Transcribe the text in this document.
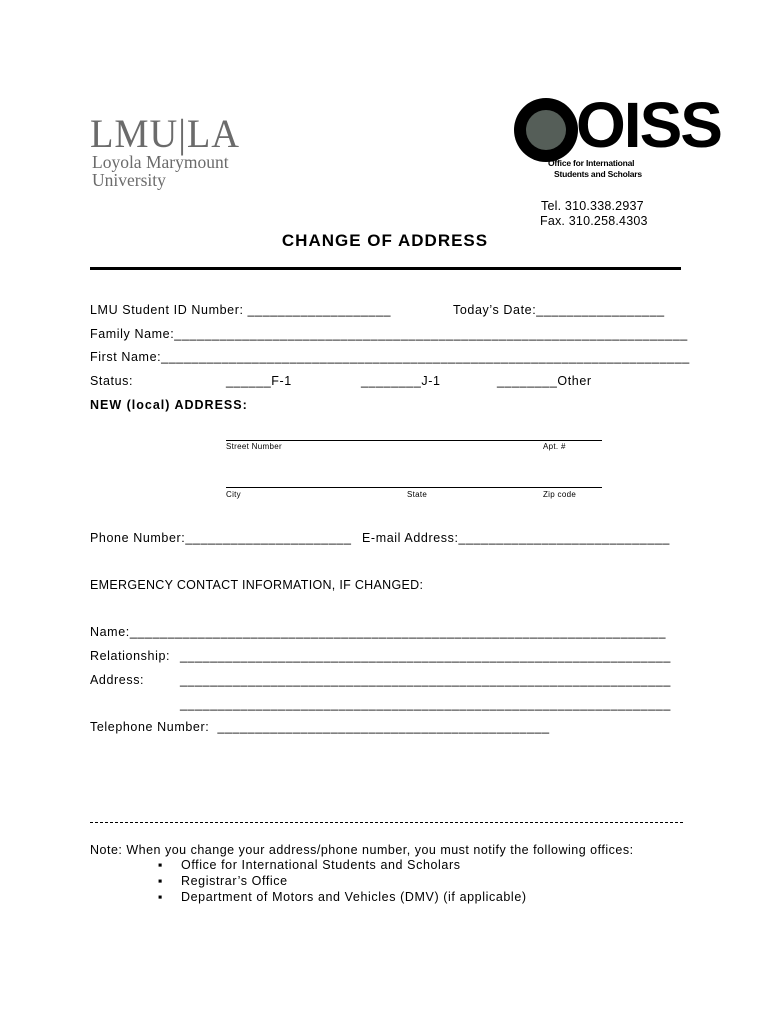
LMU|LA
Loyola Marymount
University

OISS
Office for International
Students and Scholars
Tel. 310.338.2937
Fax. 310.258.4303
CHANGE OF ADDRESS
LMU Student ID Number: ___________________	Today’s Date:_________________
Family Name:____________________________________________________________________
First Name:______________________________________________________________________
Status:	______F-1	________J-1	________Other
NEW (local) ADDRESS:
Street Number	Apt. #
City	State	Zip code
Phone Number:______________________ E-mail Address:____________________________
EMERGENCY CONTACT INFORMATION, IF CHANGED:
Name:_______________________________________________________________________
Relationship: _________________________________________________________________
Address:	_________________________________________________________________
_________________________________________________________________
Telephone Number:  ____________________________________________
Note: When you change your address/phone number, you must notify the following offices:
▪ Office for International Students and Scholars
▪ Registrar’s Office
▪ Department of Motors and Vehicles (DMV) (if applicable)
